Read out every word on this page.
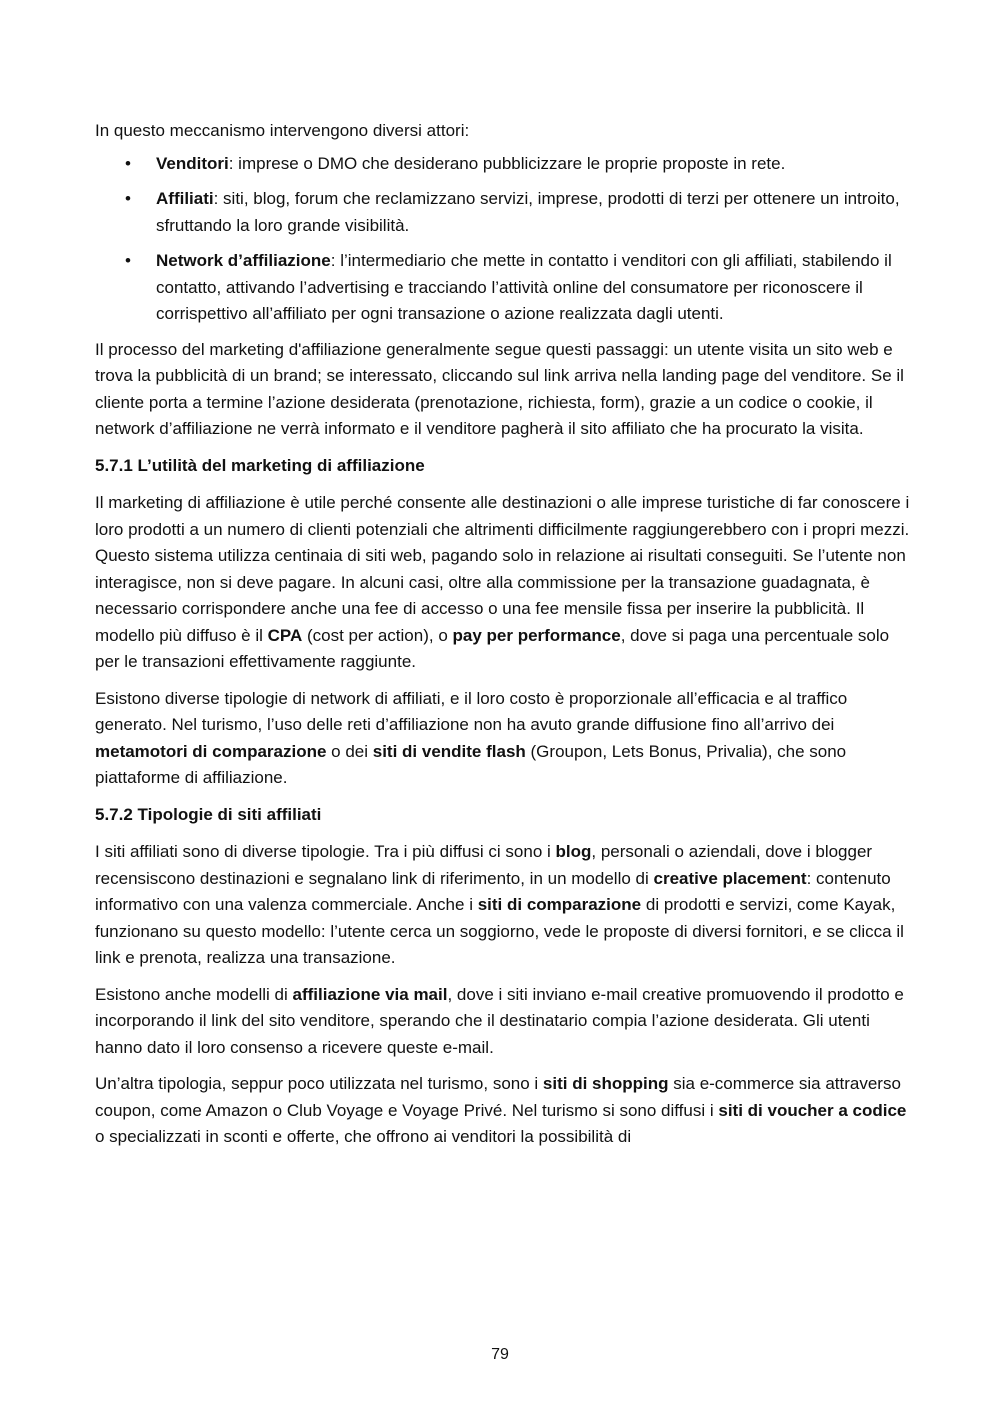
In questo meccanismo intervengono diversi attori:

• Venditori: imprese o DMO che desiderano pubblicizzare le proprie proposte in rete.
• Affiliati: siti, blog, forum che reclamizzano servizi, imprese, prodotti di terzi per ottenere un introito, sfruttando la loro grande visibilità.
• Network d’affiliazione: l’intermediario che mette in contatto i venditori con gli affiliati, stabilendo il contatto, attivando l’advertising e tracciando l’attività online del consumatore per riconoscere il corrispettivo all’affiliato per ogni transazione o azione realizzata dagli utenti.

Il processo del marketing d'affiliazione generalmente segue questi passaggi: un utente visita un sito web e trova la pubblicità di un brand; se interessato, cliccando sul link arriva nella landing page del venditore. Se il cliente porta a termine l’azione desiderata (prenotazione, richiesta, form), grazie a un codice o cookie, il network d’affiliazione ne verrà informato e il venditore pagherà il sito affiliato che ha procurato la visita.

5.7.1 L’utilità del marketing di affiliazione

Il marketing di affiliazione è utile perché consente alle destinazioni o alle imprese turistiche di far conoscere i loro prodotti a un numero di clienti potenziali che altrimenti difficilmente raggiungerebbero con i propri mezzi. Questo sistema utilizza centinaia di siti web, pagando solo in relazione ai risultati conseguiti. Se l’utente non interagisce, non si deve pagare. In alcuni casi, oltre alla commissione per la transazione guadagnata, è necessario corrispondere anche una fee di accesso o una fee mensile fissa per inserire la pubblicità. Il modello più diffuso è il CPA (cost per action), o pay per performance, dove si paga una percentuale solo per le transazioni effettivamente raggiunte.

Esistono diverse tipologie di network di affiliati, e il loro costo è proporzionale all’efficacia e al traffico generato. Nel turismo, l’uso delle reti d’affiliazione non ha avuto grande diffusione fino all’arrivo dei metamotori di comparazione o dei siti di vendite flash (Groupon, Lets Bonus, Privalia), che sono piattaforme di affiliazione.

5.7.2 Tipologie di siti affiliati

I siti affiliati sono di diverse tipologie. Tra i più diffusi ci sono i blog, personali o aziendali, dove i blogger recensiscono destinazioni e segnalano link di riferimento, in un modello di creative placement: contenuto informativo con una valenza commerciale. Anche i siti di comparazione di prodotti e servizi, come Kayak, funzionano su questo modello: l’utente cerca un soggiorno, vede le proposte di diversi fornitori, e se clicca il link e prenota, realizza una transazione.

Esistono anche modelli di affiliazione via mail, dove i siti inviano e-mail creative promuovendo il prodotto e incorporando il link del sito venditore, sperando che il destinatario compia l’azione desiderata. Gli utenti hanno dato il loro consenso a ricevere queste e-mail.

Un’altra tipologia, seppur poco utilizzata nel turismo, sono i siti di shopping sia e-commerce sia attraverso coupon, come Amazon o Club Voyage e Voyage Privé. Nel turismo si sono diffusi i siti di voucher a codice o specializzati in sconti e offerte, che offrono ai venditori la possibilità di

79
